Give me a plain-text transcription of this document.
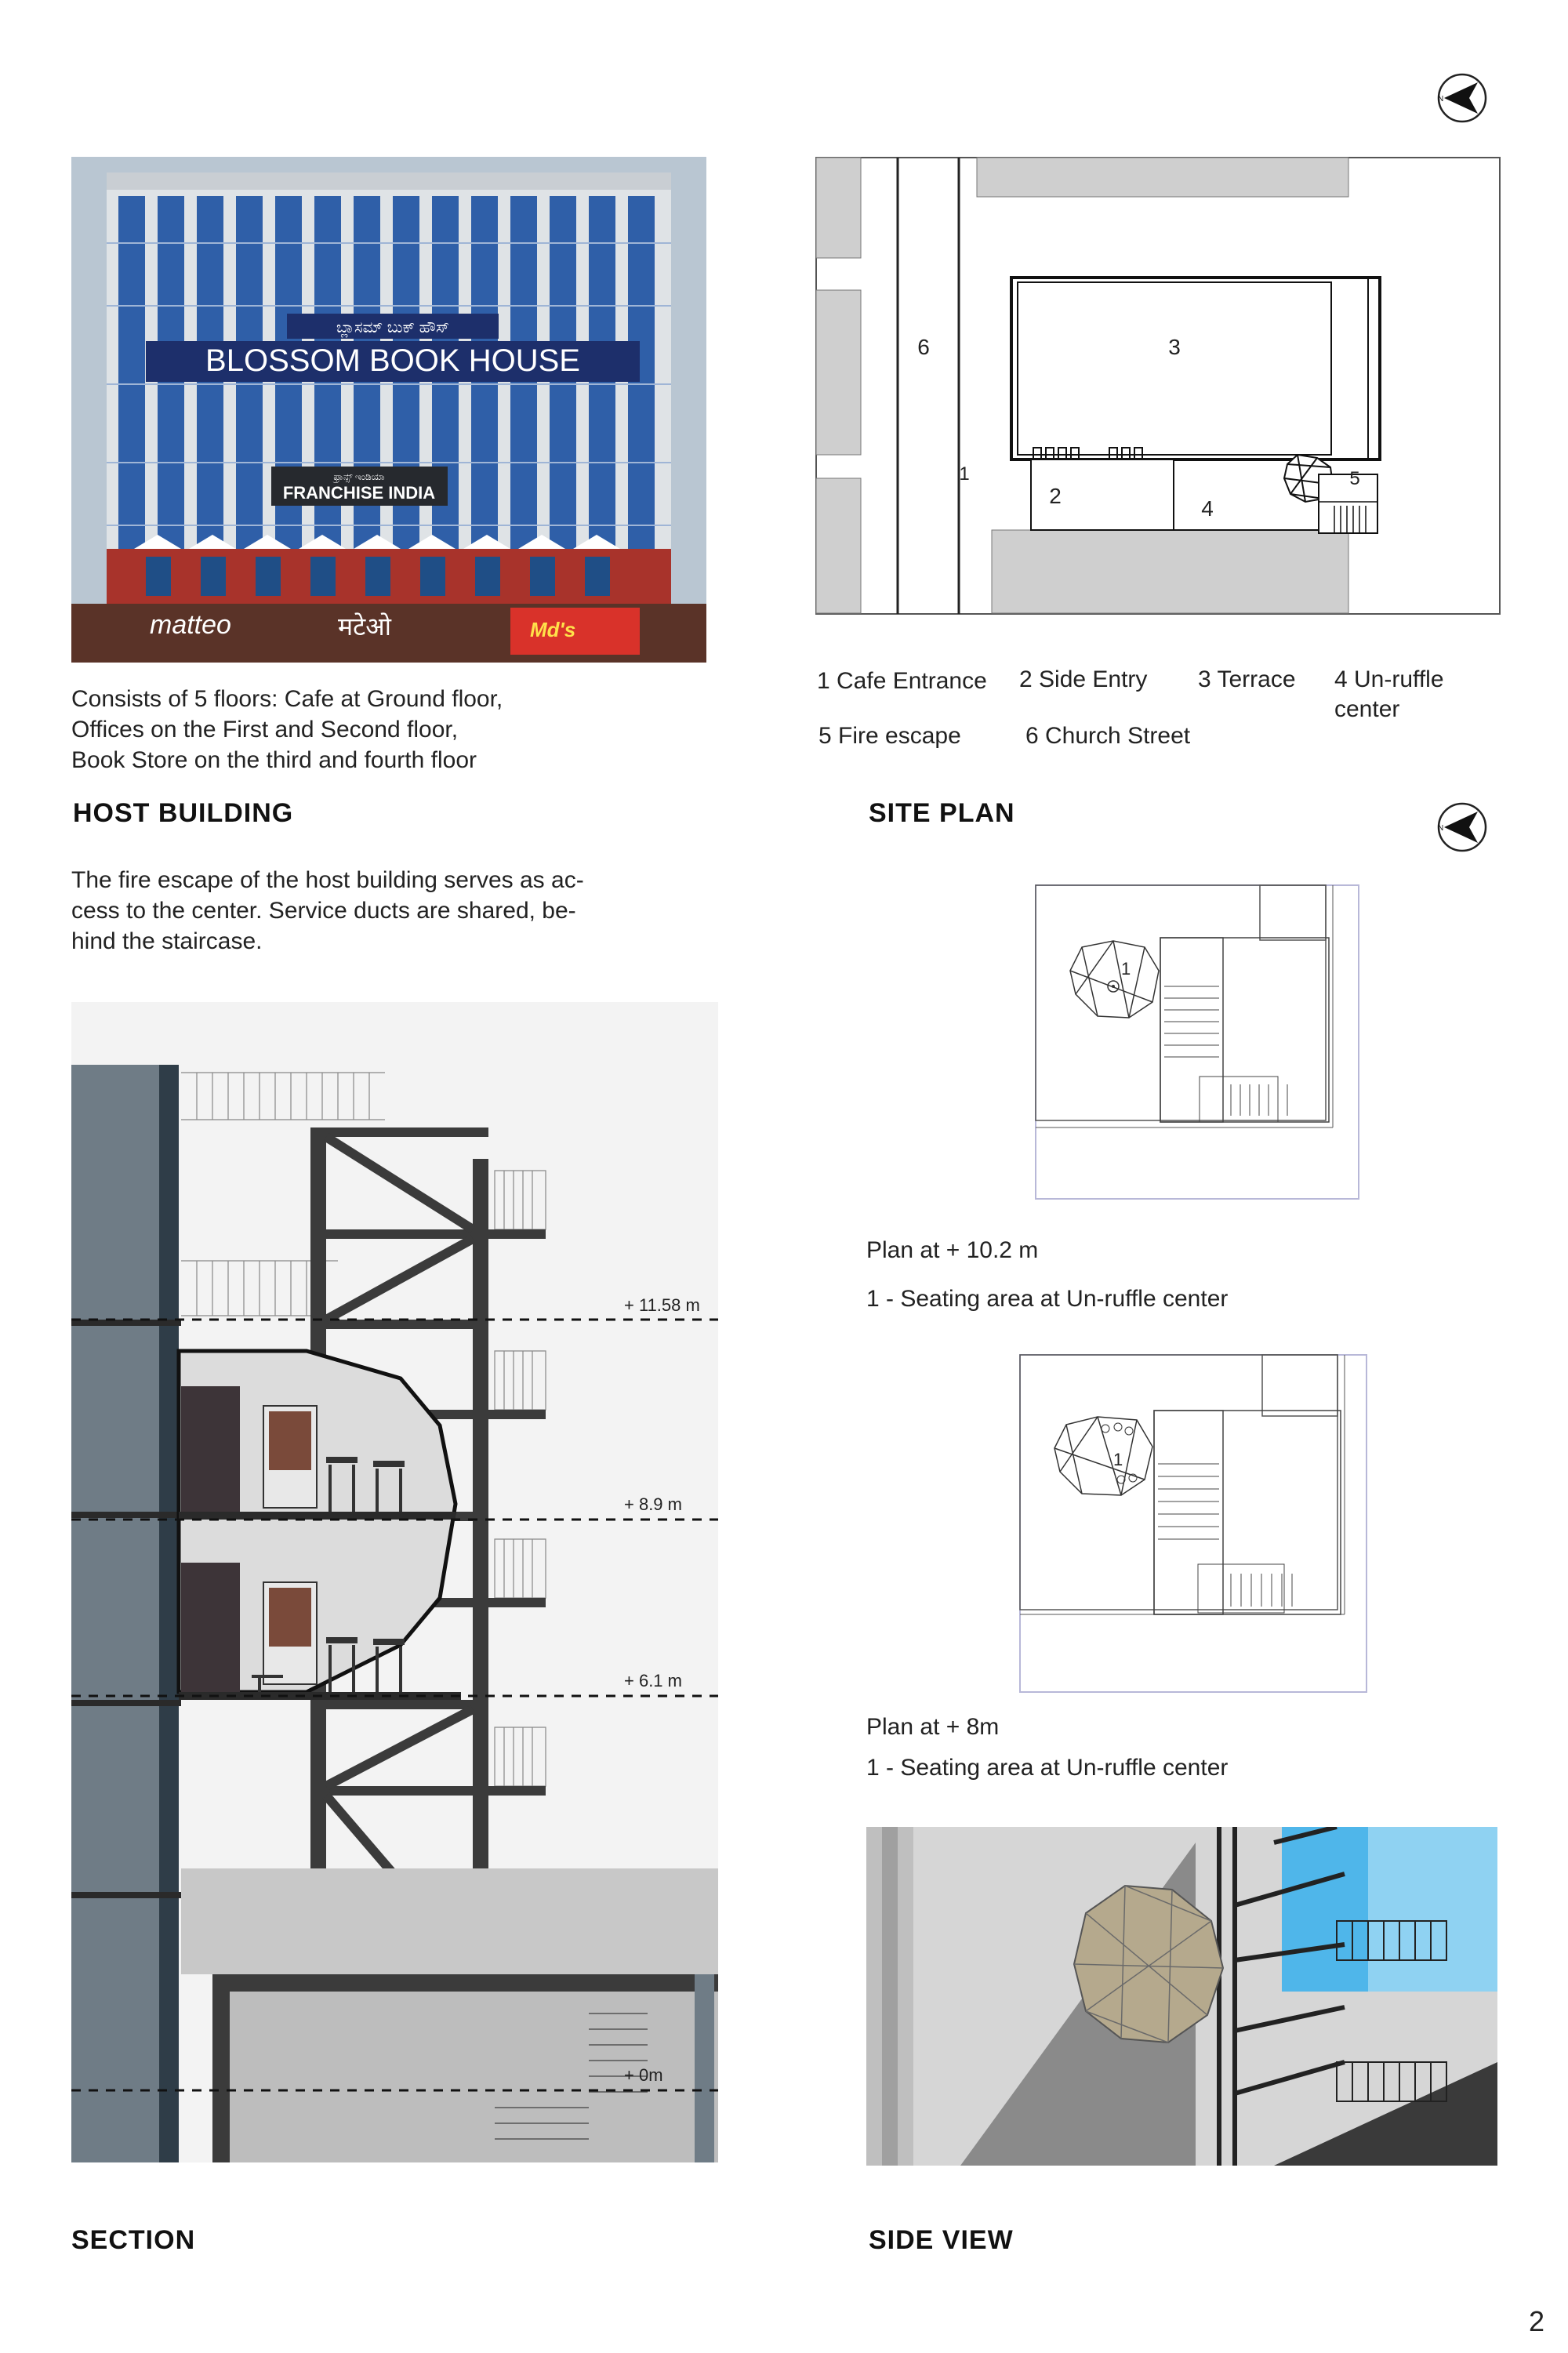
N
N
matteo	मटेओ	Md's
BLOSSOM BOOK HOUSE
ಬ್ಲಾಸಮ್ ಬುಕ್ ಹೌಸ್
ಫ್ರಾನ್ಸ್ ಇಂಡಿಯಾ
FRANCHISE INDIA
Consists of 5 floors: Cafe at Ground floor,
Offices on the First and Second floor,
Book Store on the third and fourth floor
HOST BUILDING
The fire escape of the host building serves as ac-
cess to the center. Service ducts are shared, be-
hind the staircase.
6	3
2
4
1	5
1 Cafe Entrance 2 Side Entry 3 Terrace 4 Un-ruffle
center
5 Fire escape	6 Church Street
SITE PLAN
1
Plan at + 10.2 m
1 - Seating area at Un-ruffle center
1
Plan at + 8m
1 - Seating area at Un-ruffle center
+ 11.58 m
+ 8.9 m
+ 6.1 m
+ 0m
SECTION	SIDE VIEW
2
